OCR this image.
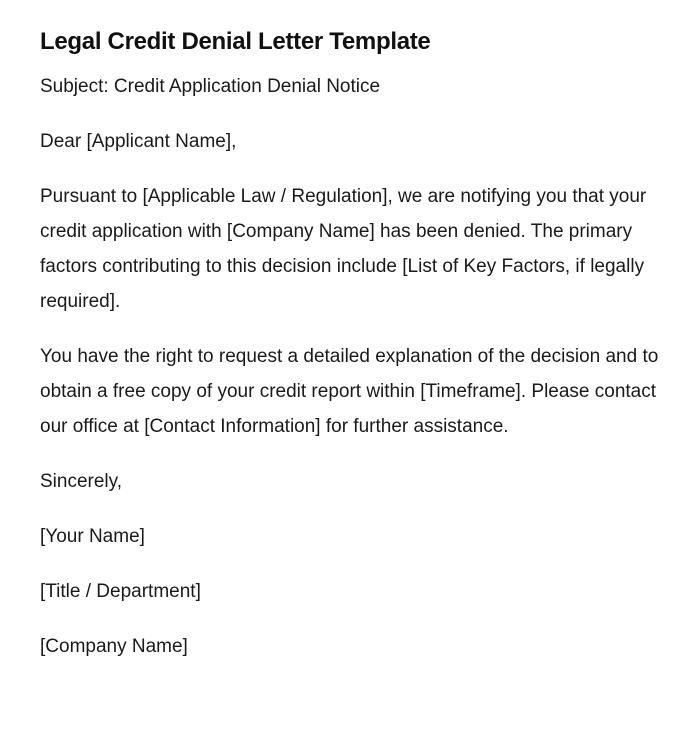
Legal Credit Denial Letter Template

Subject: Credit Application Denial Notice

Dear [Applicant Name],

Pursuant to [Applicable Law / Regulation], we are notifying you that your credit application with [Company Name] has been denied. The primary factors contributing to this decision include [List of Key Factors, if legally required].

You have the right to request a detailed explanation of the decision and to obtain a free copy of your credit report within [Timeframe]. Please contact our office at [Contact Information] for further assistance.

Sincerely,

[Your Name]

[Title / Department]

[Company Name]
